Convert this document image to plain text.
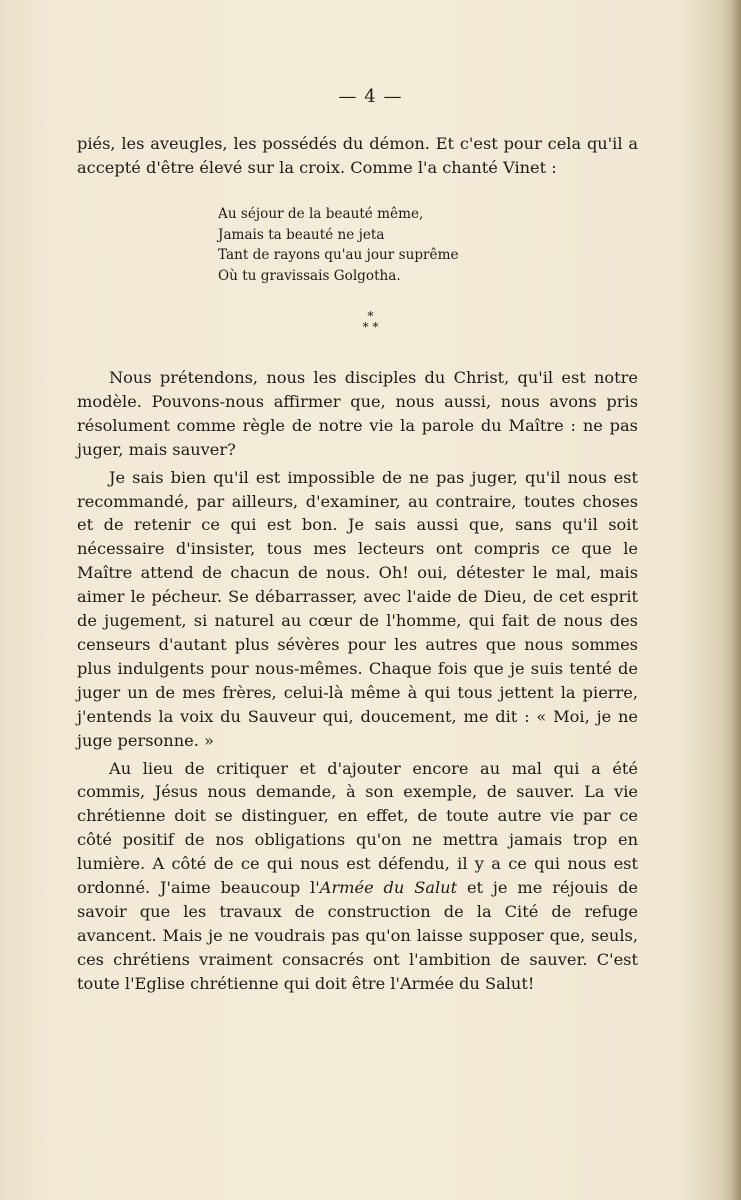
— 4 —

piés, les aveugles, les possédés du démon. Et c'est pour cela qu'il a accepté d'être élevé sur la croix. Comme l'a chanté Vinet :

Au séjour de la beauté même,
Jamais ta beauté ne jeta
Tant de rayons qu'au jour suprême
Où tu gravissais Golgotha.
*
* *

Nous prétendons, nous les disciples du Christ, qu'il est notre modèle. Pouvons-nous affirmer que, nous aussi, nous avons pris résolument comme règle de notre vie la parole du Maître : ne pas juger, mais sauver?

Je sais bien qu'il est impossible de ne pas juger, qu'il nous est recommandé, par ailleurs, d'examiner, au contraire, toutes choses et de retenir ce qui est bon. Je sais aussi que, sans qu'il soit nécessaire d'insister, tous mes lecteurs ont compris ce que le Maître attend de chacun de nous. Oh! oui, détester le mal, mais aimer le pécheur. Se débarrasser, avec l'aide de Dieu, de cet esprit de jugement, si naturel au cœur de l'homme, qui fait de nous des censeurs d'autant plus sévères pour les autres que nous sommes plus indulgents pour nous-mêmes. Chaque fois que je suis tenté de juger un de mes frères, celui-là même à qui tous jettent la pierre, j'entends la voix du Sauveur qui, doucement, me dit : « Moi, je ne juge personne. »

Au lieu de critiquer et d'ajouter encore au mal qui a été commis, Jésus nous demande, à son exemple, de sauver. La vie chrétienne doit se distinguer, en effet, de toute autre vie par ce côté positif de nos obligations qu'on ne mettra jamais trop en lumière. A côté de ce qui nous est défendu, il y a ce qui nous est ordonné. J'aime beaucoup l'Armée du Salut et je me réjouis de savoir que les travaux de construction de la Cité de refuge avancent. Mais je ne voudrais pas qu'on laisse supposer que, seuls, ces chrétiens vraiment consacrés ont l'ambition de sauver. C'est toute l'Eglise chrétienne qui doit être l'Armée du Salut!
